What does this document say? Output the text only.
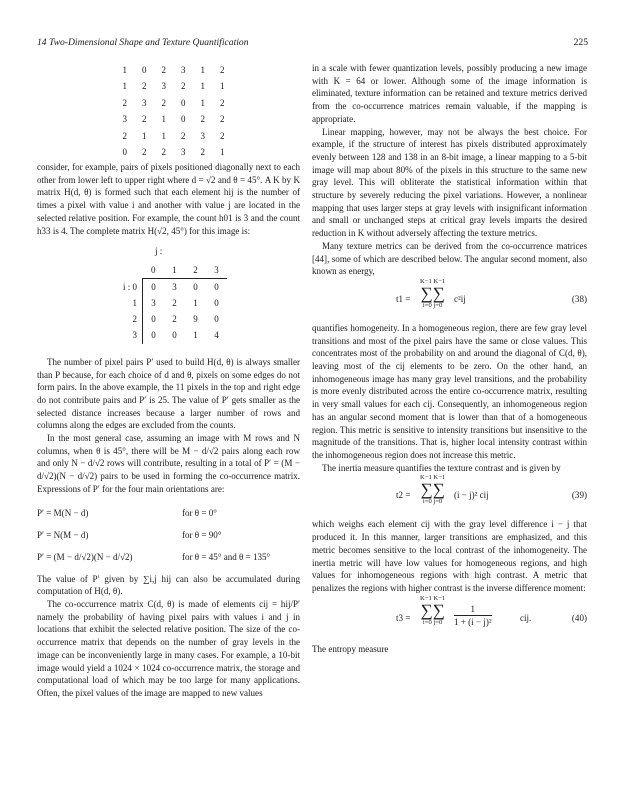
14 Two-Dimensional Shape and Texture Quantification	225
1	0	2	3	1	2
1	2	3	2	1	1
2	3	2	0	1	2
3	2	1	0	2	2
2	1	1	2	3	2
0	2	2	3	2	1

consider, for example, pairs of pixels positioned diagonally next to each other from lower left to upper right where d = √2 and θ = 45°. A K by K matrix H(d, θ) is formed such that each element hij is the number of times a pixel with value i and another with value j are located in the selected relative position. For example, the count h01 is 3 and the count h33 is 4. The complete matrix H(√2, 45°) for this image is:

j :
	0	1	2	3
i : 0	0	3	0	0
1	3	2	1	0
2	0	2	9	0
3	0	0	1	4

The number of pixel pairs P′ used to build H(d, θ) is always smaller than P because, for each choice of d and θ, pixels on some edges do not form pairs. In the above example, the 11 pixels in the top and right edge do not contribute pairs and P′ is 25. The value of P′ gets smaller as the selected distance increases because a larger number of rows and columns along the edges are excluded from the counts.

In the most general case, assuming an image with M rows and N columns, when θ is 45°, there will be M − d/√2 pairs along each row and only N − d/√2 rows will contribute, resulting in a total of P′ = (M − d/√2)(N − d/√2) pairs to be used in forming the co-occurrence matrix. Expressions of P′ for the four main orientations are:

P′ = M(N − d)	for θ = 0°
P′ = N(M − d)	for θ = 90°
P′ = (M − d/√2)(N − d/√2)	for θ = 45° and θ = 135°

The value of P′ given by ∑i,j hij can also be accumulated during computation of H(d, θ).

The co-occurrence matrix C(d, θ) is made of elements cij = hij/P′ namely the probability of having pixel pairs with values i and j in locations that exhibit the selected relative position. The size of the co-occurrence matrix that depends on the number of gray levels in the image can be inconveniently large in many cases. For example, a 10-bit image would yield a 1024 × 1024 co-occurrence matrix, the storage and computational load of which may be too large for many applications. Often, the pixel values of the image are mapped to new values

in a scale with fewer quantization levels, possibly producing a new image with K = 64 or lower. Although some of the image information is eliminated, texture information can be retained and texture metrics derived from the co-occurrence matrices remain valuable, if the mapping is appropriate.

Linear mapping, however, may not be always the best choice. For example, if the structure of interest has pixels distributed approximately evenly between 128 and 138 in an 8-bit image, a linear mapping to a 5-bit image will map about 80% of the pixels in this structure to the same new gray level. This will obliterate the statistical information within that structure by severely reducing the pixel variations. However, a nonlinear mapping that uses larger steps at gray levels with insignificant information and small or unchanged steps at critical gray levels imparts the desired reduction in K without adversely affecting the texture metrics.

Many texture metrics can be derived from the co-occurrence matrices [44], some of which are described below. The angular second moment, also known as energy,

t1 =
K−1 K−1
∑∑
i=0 j=0
c²ij	(38)

quantifies homogeneity. In a homogeneous region, there are few gray level transitions and most of the pixel pairs have the same or close values. This concentrates most of the probability on and around the diagonal of C(d, θ), leaving most of the cij elements to be zero. On the other hand, an inhomogeneous image has many gray level transitions, and the probability is more evenly distributed across the entire co-occurrence matrix, resulting in very small values for each cij. Consequently, an inhomogeneous region has an angular second moment that is lower than that of a homogeneous region. This metric is sensitive to intensity transitions but insensitive to the magnitude of the transitions. That is, higher local intensity contrast within the inhomogeneous region does not increase this metric.

The inertia measure quantifies the texture contrast and is given by

t2 =
K−1 K−1
∑∑
i=0 j=0
(i − j)² cij	(39)

which weighs each element cij with the gray level difference i − j that produced it. In this manner, larger transitions are emphasized, and this metric becomes sensitive to the local contrast of the inhomogeneity. The inertia metric will have low values for homogeneous regions, and high values for inhomogeneous regions with high contrast. A metric that penalizes the regions with higher contrast is the inverse difference moment:

t3 =
K−1 K−1
∑∑
i=0 j=0	$\frac{1}{\text{1 + (i − j)²}}$	cij.	(40)

The entropy measure
